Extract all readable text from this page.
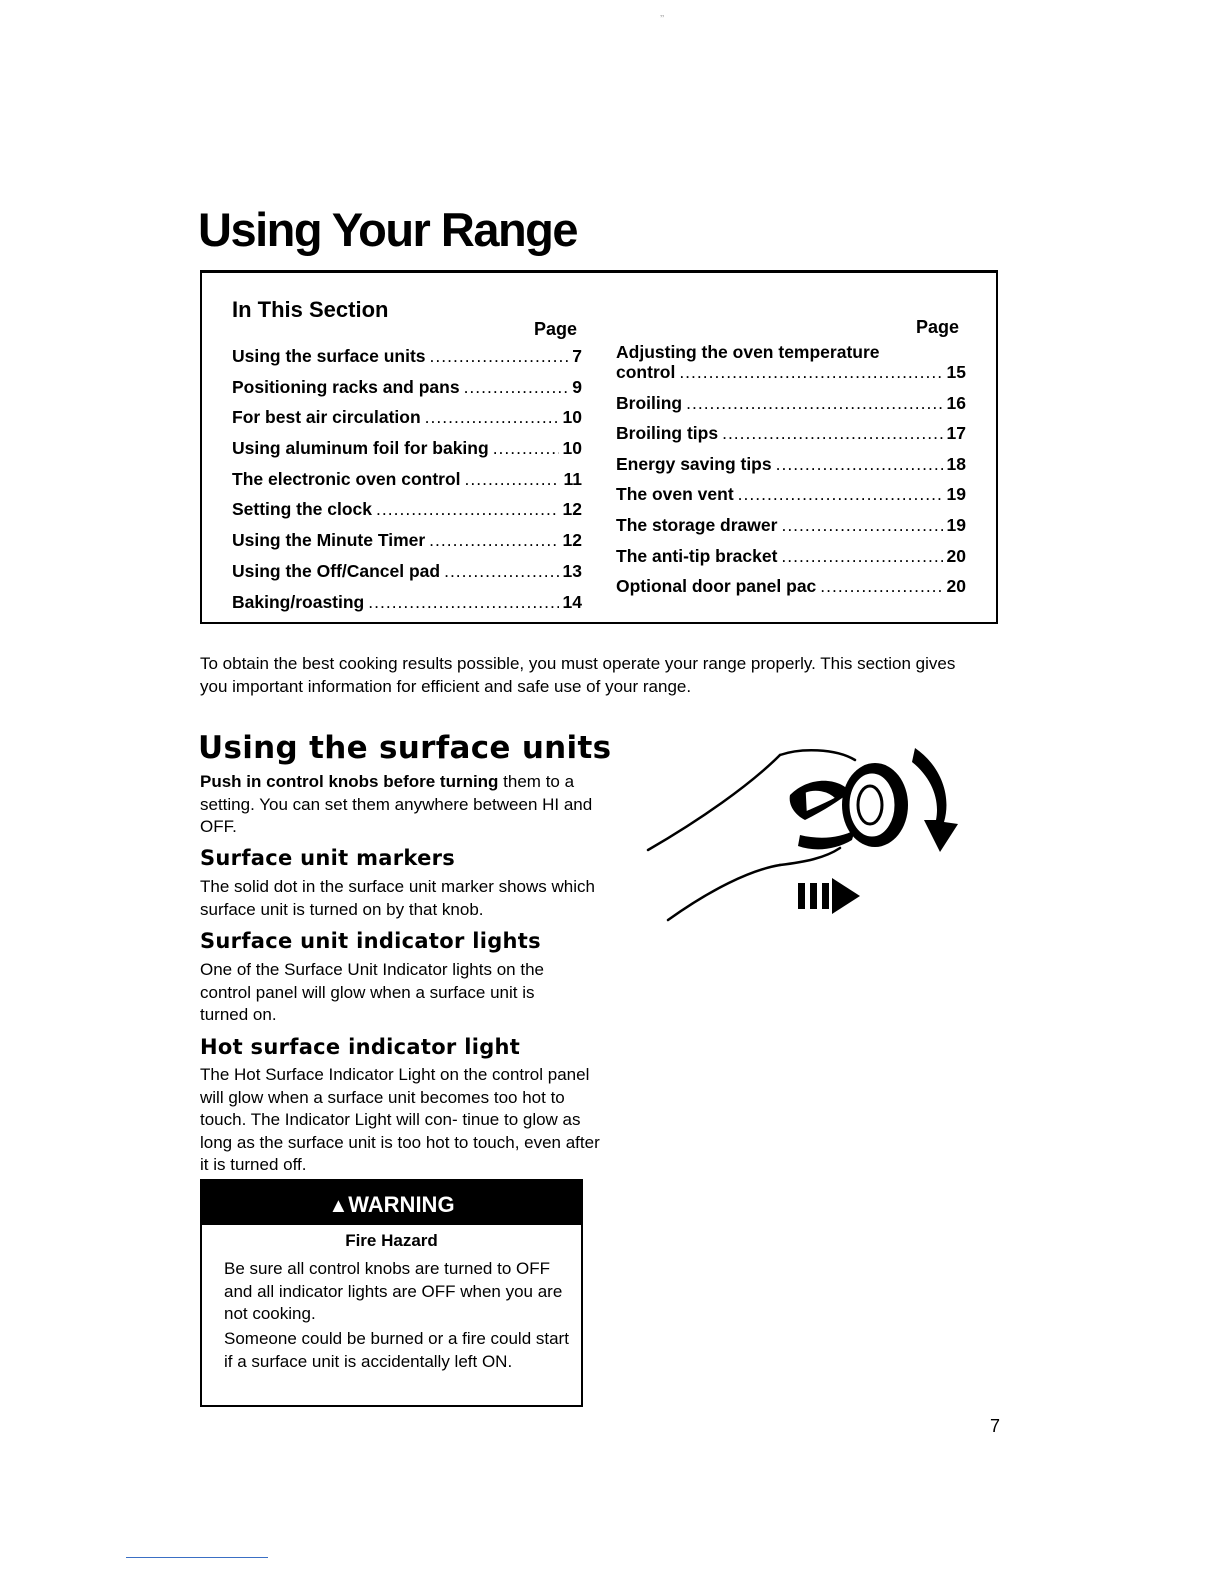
’’
Using Your Range
In This Section
Page	Page
Using the surface units .....	7
Positioning racks and pans .....	9
For best air circulation .....	10
Using aluminum foil for baking .....	10
The electronic oven control .....	11
Setting the clock .....	12
Using the Minute Timer .....	12
Using the Off/Cancel pad .....	13
Baking/roasting .....	14
Adjusting the oven temperature
control .....	15
Broiling .....	16
Broiling tips .....	17
Energy saving tips .....	18
The oven vent .....	19
The storage drawer .....	19
The anti-tip bracket .....	20
Optional door panel pac .....	20
To obtain the best cooking results possible, you must operate your range properly. This section gives you important information for efficient and safe use of your range.
Using the surface units
Push in control knobs before turning them to a setting. You can set them anywhere between HI and OFF.
Surface unit markers
The solid dot in the surface unit marker shows which surface unit is turned on by that knob.
Surface unit indicator lights
One of the Surface Unit Indicator lights on the control panel will glow when a surface unit is turned on.
Hot surface indicator light
The Hot Surface Indicator Light on the control panel will glow when a surface unit becomes too hot to touch. The Indicator Light will con- tinue to glow as long as the surface unit is too hot to touch, even after it is turned off.
▲WARNING
Fire Hazard
Be sure all control knobs are turned to OFF and all indicator lights are OFF when you are not cooking.
Someone could be burned or a fire could start if a surface unit is accidentally left ON.
7
